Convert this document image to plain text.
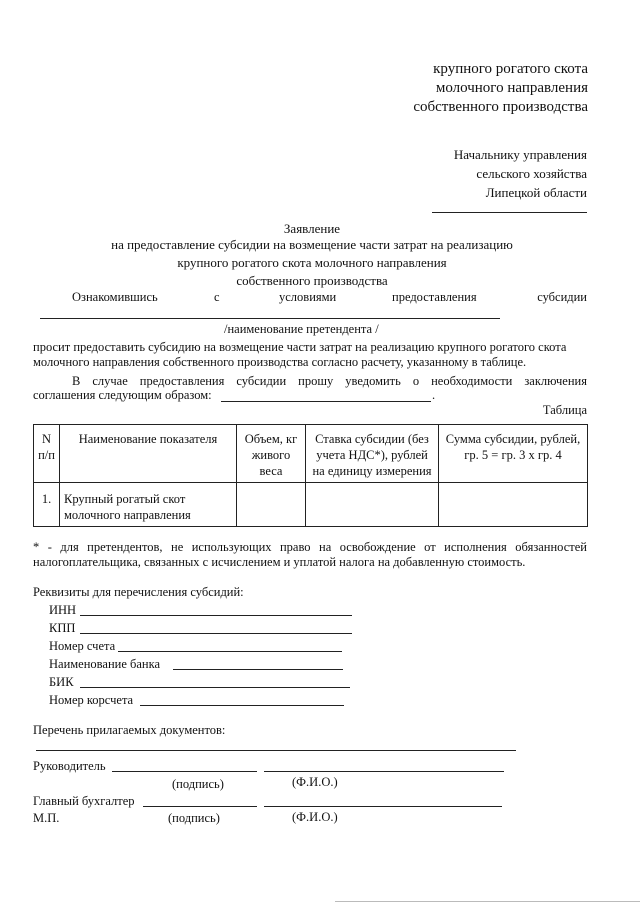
крупного рогатого скота
молочного направления
собственного производства
Начальнику управления
сельского хозяйства
Липецкой области
Заявление
на предоставление субсидии на возмещение части затрат на реализацию
крупного рогатого скота молочного направления
собственного производства
Ознакомившись	с	условиями	предоставления	субсидии
/наименование претендента /
просит предоставить субсидию на возмещение части затрат на реализацию крупного рогатого скота
молочного направления собственного производства согласно расчету, указанному в таблице.
В случае предоставления субсидии прошу уведомить о необходимости заключения
соглашения следующим образом:	.
Таблица
N п/п	Наименование показателя	Объем, кг живого веса	Ставка субсидии (без учета НДС*), рублей на единицу измерения	Сумма субсидии, рублей, гр. 5 = гр. 3 х гр. 4
1.	Крупный рогатый скот молочного направления			
* - для претендентов, не использующих право на освобождение от исполнения обязанностей
налогоплательщика, связанных с исчислением и уплатой налога на добавленную стоимость.
Реквизиты для перечисления субсидий:
ИНН
КПП
Номер счета
Наименование банка
БИК
Номер корсчета
Перечень прилагаемых документов:
Руководитель
(подпись)	(Ф.И.О.)
Главный бухгалтер
М.П.	(подпись)	(Ф.И.О.)
